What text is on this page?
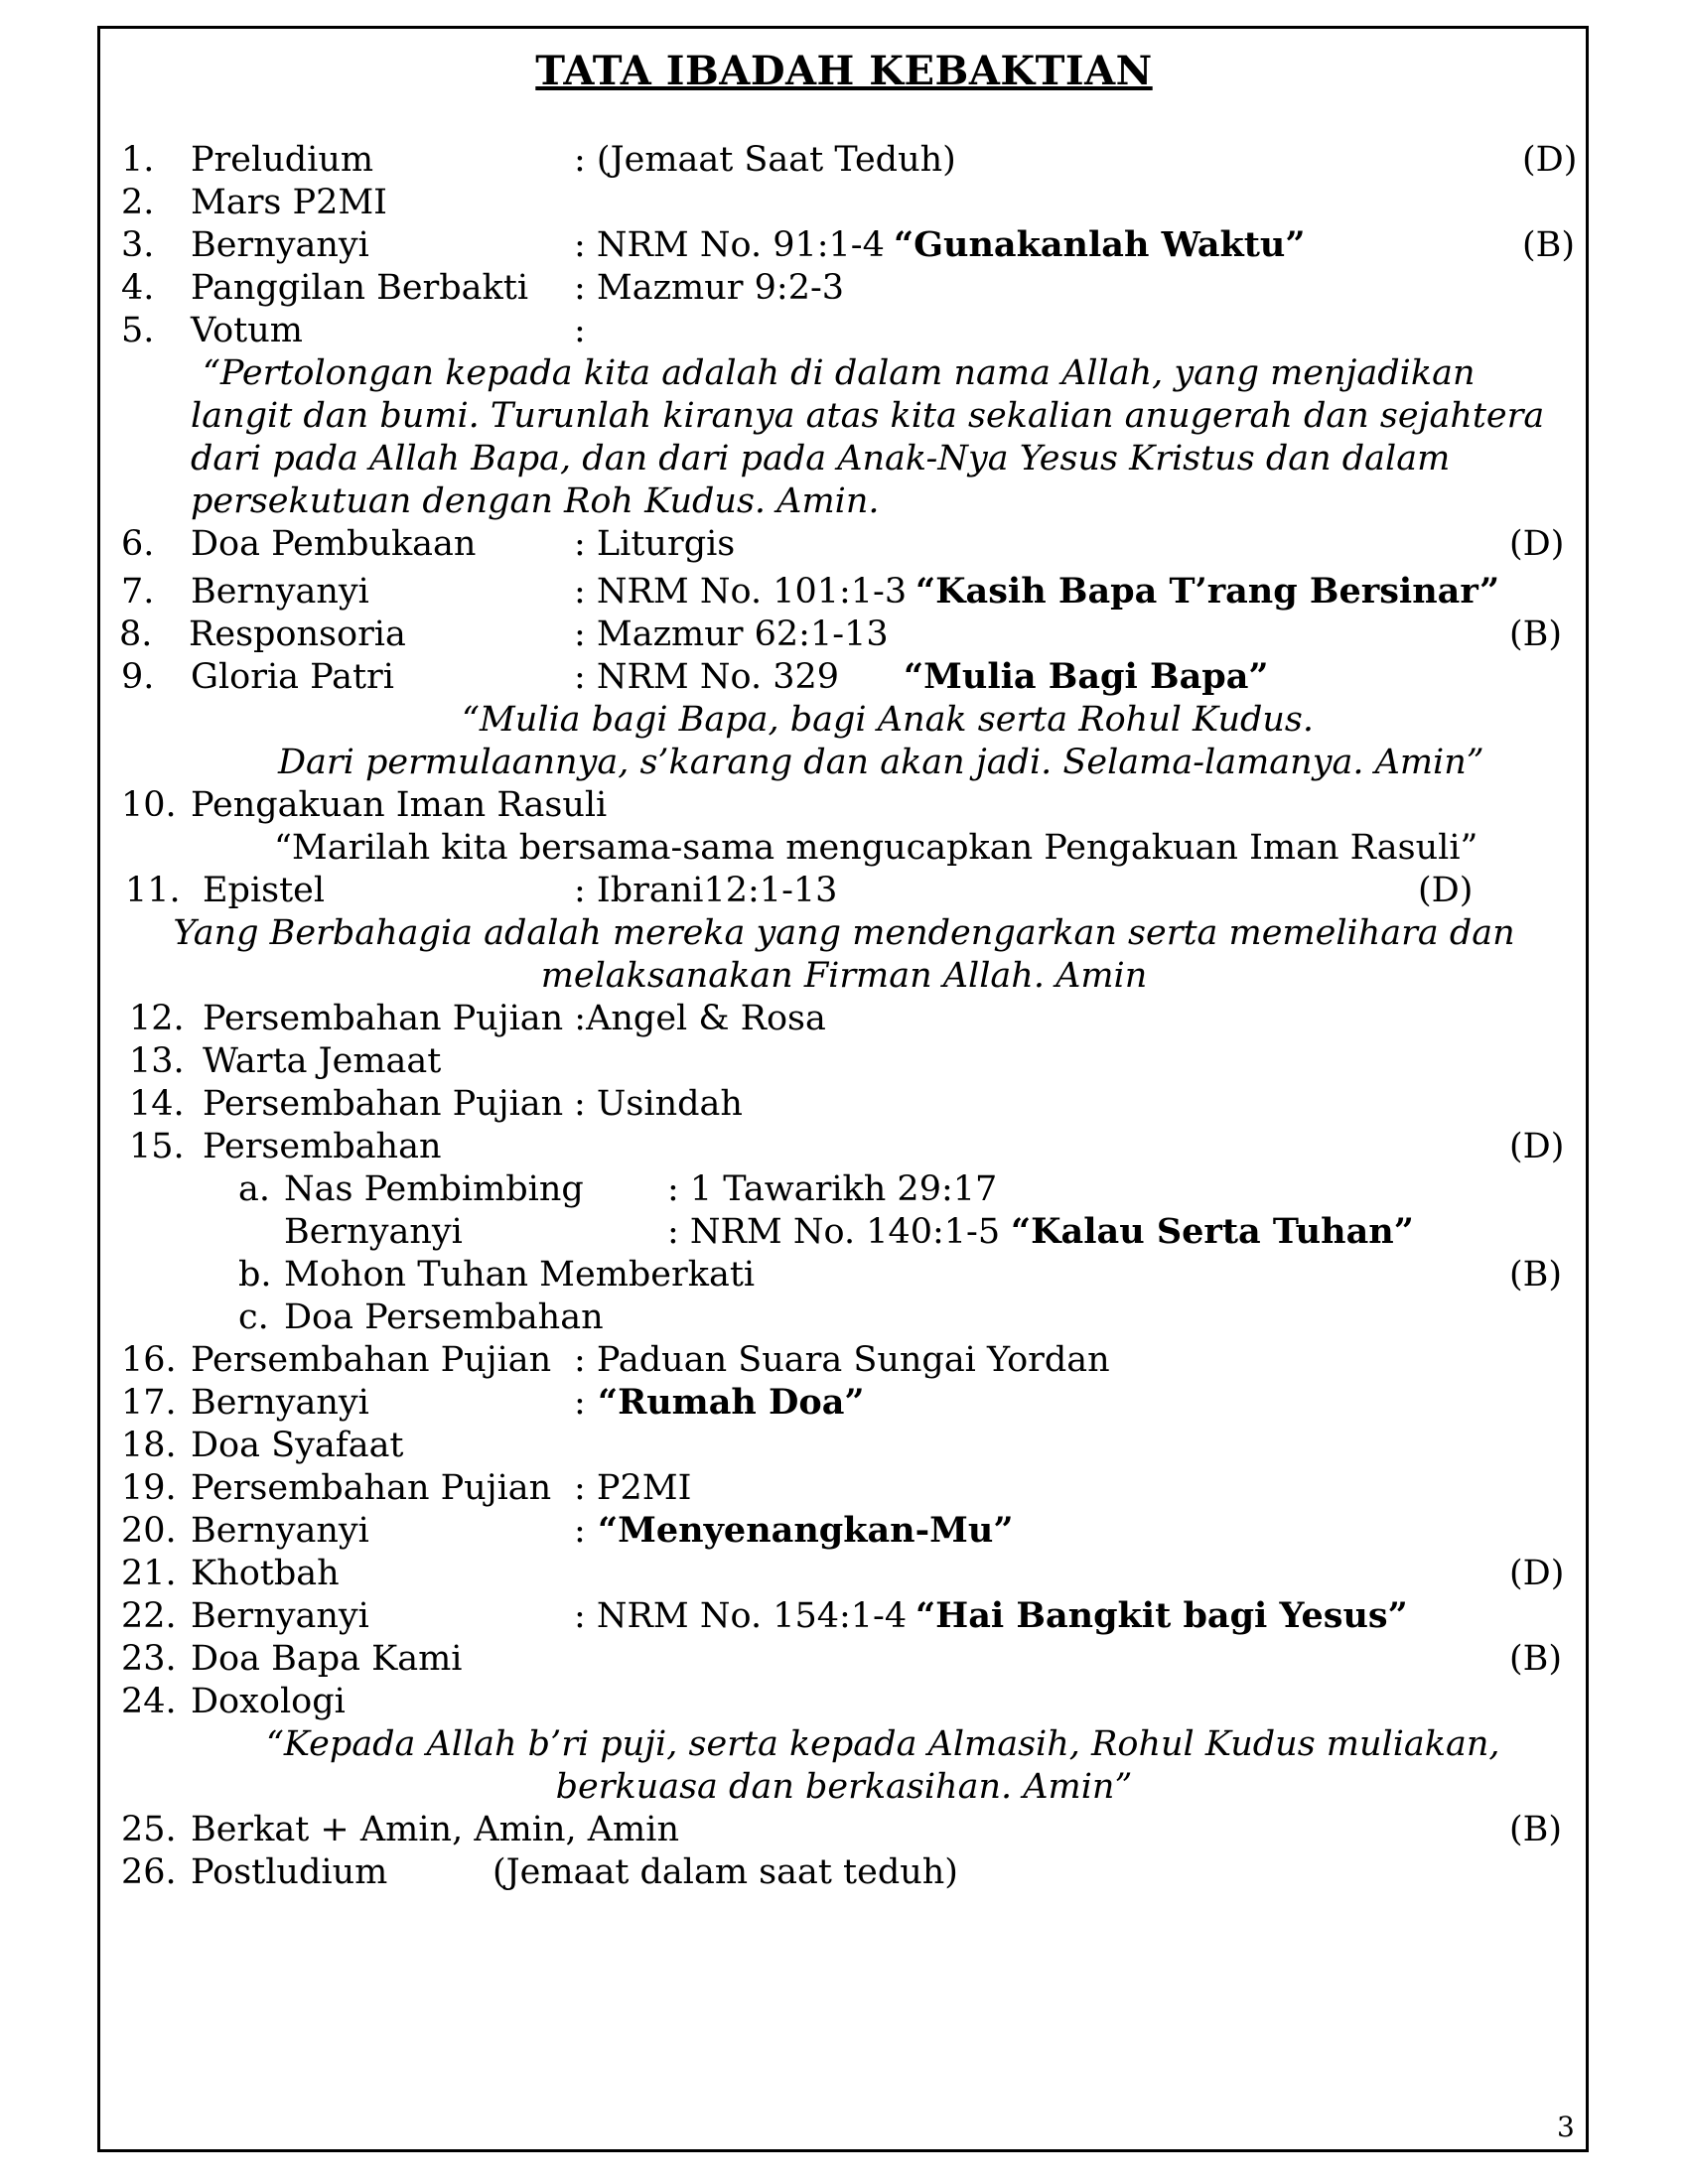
TATA IBADAH KEBAKTIAN
1. Preludium	: (Jemaat Saat Teduh)	(D)
2. Mars P2MI
3. Bernyanyi	: NRM No. 91:1-4 “Gunakanlah Waktu”	(B)
4. Panggilan Berbakti : Mazmur 9:2-3
5. Votum	:
“Pertolongan kepada kita adalah di dalam nama Allah, yang menjadikan
langit dan bumi. Turunlah kiranya atas kita sekalian anugerah dan sejahtera
dari pada Allah Bapa, dan dari pada Anak-Nya Yesus Kristus dan dalam
persekutuan dengan Roh Kudus. Amin.
6. Doa Pembukaan	: Liturgis	(D)
7. Bernyanyi	: NRM No. 101:1-3 “Kasih Bapa T’rang Bersinar”
8. Responsoria	: Mazmur 62:1-13	(B)
9. Gloria Patri	: NRM No. 329 “Mulia Bagi Bapa”
“Mulia bagi Bapa, bagi Anak serta Rohul Kudus.
Dari permulaannya, s’karang dan akan jadi. Selama-lamanya. Amin”
10. Pengakuan Iman Rasuli
“Marilah kita bersama-sama mengucapkan Pengakuan Iman Rasuli”
11. Epistel	: Ibrani12:1-13	(D)
Yang Berbahagia adalah mereka yang mendengarkan serta memelihara dan
melaksanakan Firman Allah. Amin
12. Persembahan Pujian :Angel & Rosa
13. Warta Jemaat
14. Persembahan Pujian : Usindah
15. Persembahan	(D)
a. Nas Pembimbing : 1 Tawarikh 29:17
Bernyanyi	: NRM No. 140:1-5 “Kalau Serta Tuhan”
b. Mohon Tuhan Memberkati	(B)
c. Doa Persembahan
16. Persembahan Pujian : Paduan Suara Sungai Yordan
17. Bernyanyi	: “Rumah Doa”
18. Doa Syafaat
19. Persembahan Pujian : P2MI
20. Bernyanyi	: “Menyenangkan-Mu”
21. Khotbah	(D)
22. Bernyanyi	: NRM No. 154:1-4 “Hai Bangkit bagi Yesus”
23. Doa Bapa Kami	(B)
24. Doxologi
“Kepada Allah b’ri puji, serta kepada Almasih, Rohul Kudus muliakan,
berkuasa dan berkasihan. Amin”
25. Berkat + Amin, Amin, Amin	(B)
26. Postludium	(Jemaat dalam saat teduh)
3
